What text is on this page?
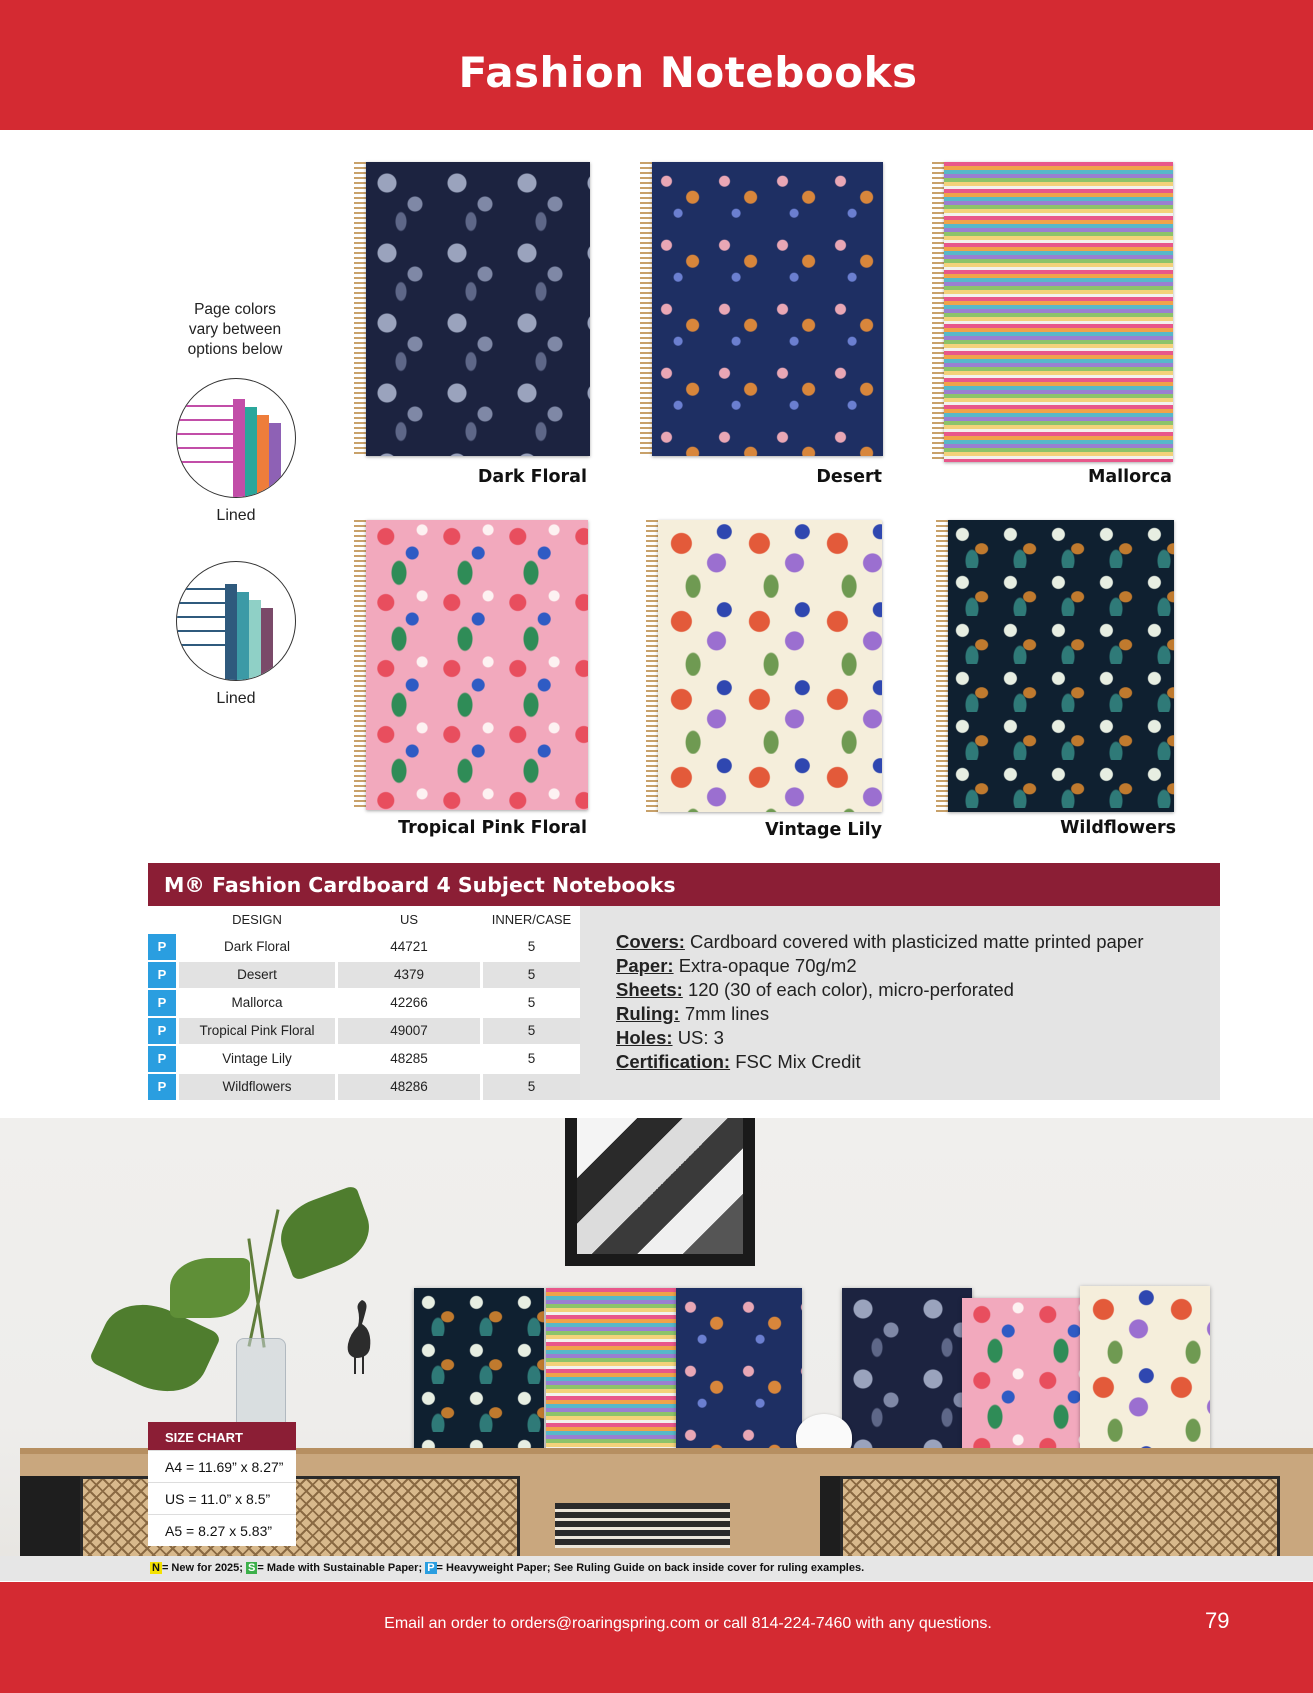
Fashion Notebooks
Page colors
vary between
options below
Lined
Lined
Dark Floral	Desert	Mallorca
Tropical Pink Floral	Vintage Lily	Wildflowers
M® Fashion Cardboard 4 Subject Notebooks
DESIGN	US	INNER/CASE
P	Dark Floral	44721	5
P	Desert	4379	5
P	Mallorca	42266	5
P	Tropical Pink Floral	49007	5
P	Vintage Lily	48285	5
P	Wildflowers	48286	5
Covers: Cardboard covered with plasticized matte printed paper
Paper: Extra-opaque 70g/m2
Sheets: 120 (30 of each color), micro-perforated
Ruling: 7mm lines
Holes: US: 3
Certification: FSC Mix Credit
SIZE CHART
A4 = 11.69” x 8.27”
US = 11.0” x 8.5”
A5 = 8.27 x 5.83”
N = New for 2025; S = Made with Sustainable Paper; P = Heavyweight Paper; See Ruling Guide on back inside cover for ruling examples.
Email an order to orders@roaringspring.com or call 814-224-7460 with any questions.	79
